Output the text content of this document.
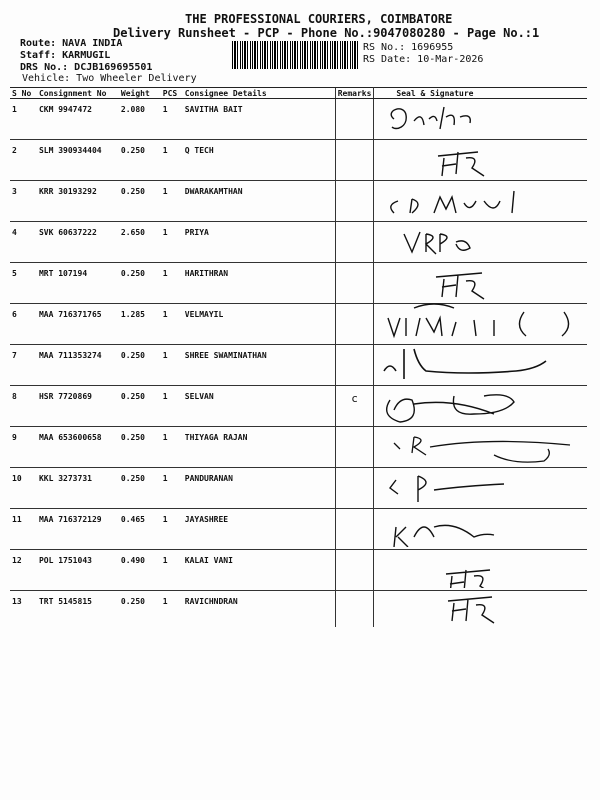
THE PROFESSIONAL COURIERS, COIMBATORE
Delivery Runsheet - PCP - Phone No.:9047080280 - Page No.:1
Route: NAVA INDIA
Staff: KARMUGIL
DRS No.: DCJB169695501
Vehicle: Two Wheeler Delivery
RS No.: 1696955
RS Date: 10-Mar-2026
S No	Consignment No	Weight	PCS	Consignee Details	Remarks	Seal & Signature
1	CKM 9947472	2.080	1	SAVITHA BAIT		

2	SLM 390934404	0.250	1	Q TECH		

3	KRR 30193292	0.250	1	DWARAKAMTHAN		

4	SVK 60637222	2.650	1	PRIYA		

5	MRT 107194	0.250	1	HARITHRAN		

6	MAA 716371765	1.285	1	VELMAYIL		

7	MAA 711353274	0.250	1	SHREE SWAMINATHAN		

8	HSR 7720869	0.250	1	SELVAN	c	

9	MAA 653600658	0.250	1	THIYAGA RAJAN		

10	KKL 3273731	0.250	1	PANDURANAN		

11	MAA 716372129	0.465	1	JAYASHREE		

12	POL 1751043	0.490	1	KALAI VANI		

13	TRT 5145815	0.250	1	RAVICHNDRAN		
